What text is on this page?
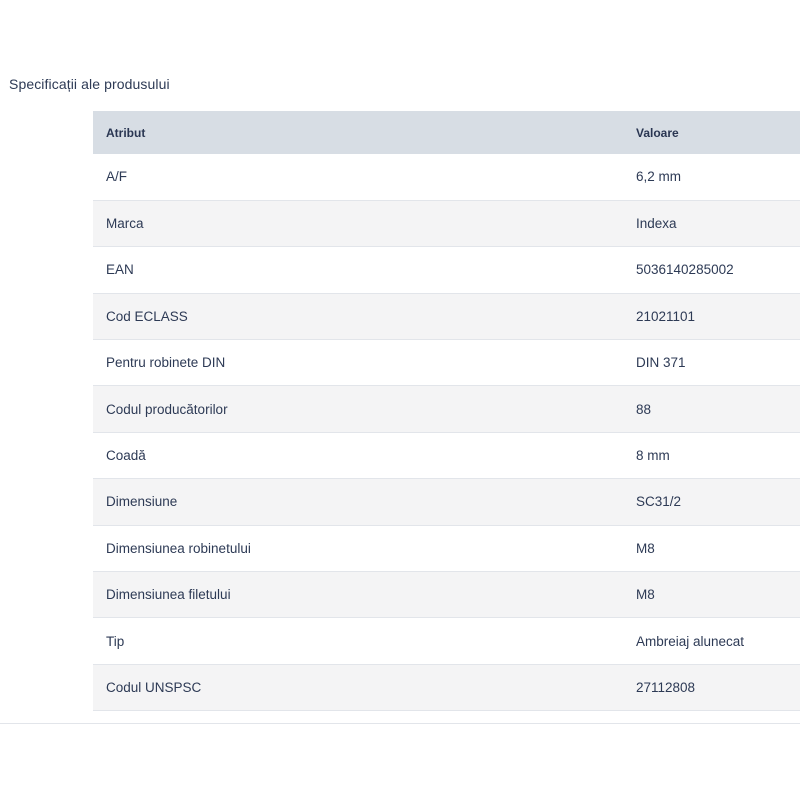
Specificații ale produsului
Atribut	Valoare
A/F	6,2 mm
Marca	Indexa
EAN	5036140285002
Cod ECLASS	21021101
Pentru robinete DIN	DIN 371
Codul producătorilor	88
Coadă	8 mm
Dimensiune	SC31/2
Dimensiunea robinetului	M8
Dimensiunea filetului	M8
Tip	Ambreiaj alunecat
Codul UNSPSC	27112808
